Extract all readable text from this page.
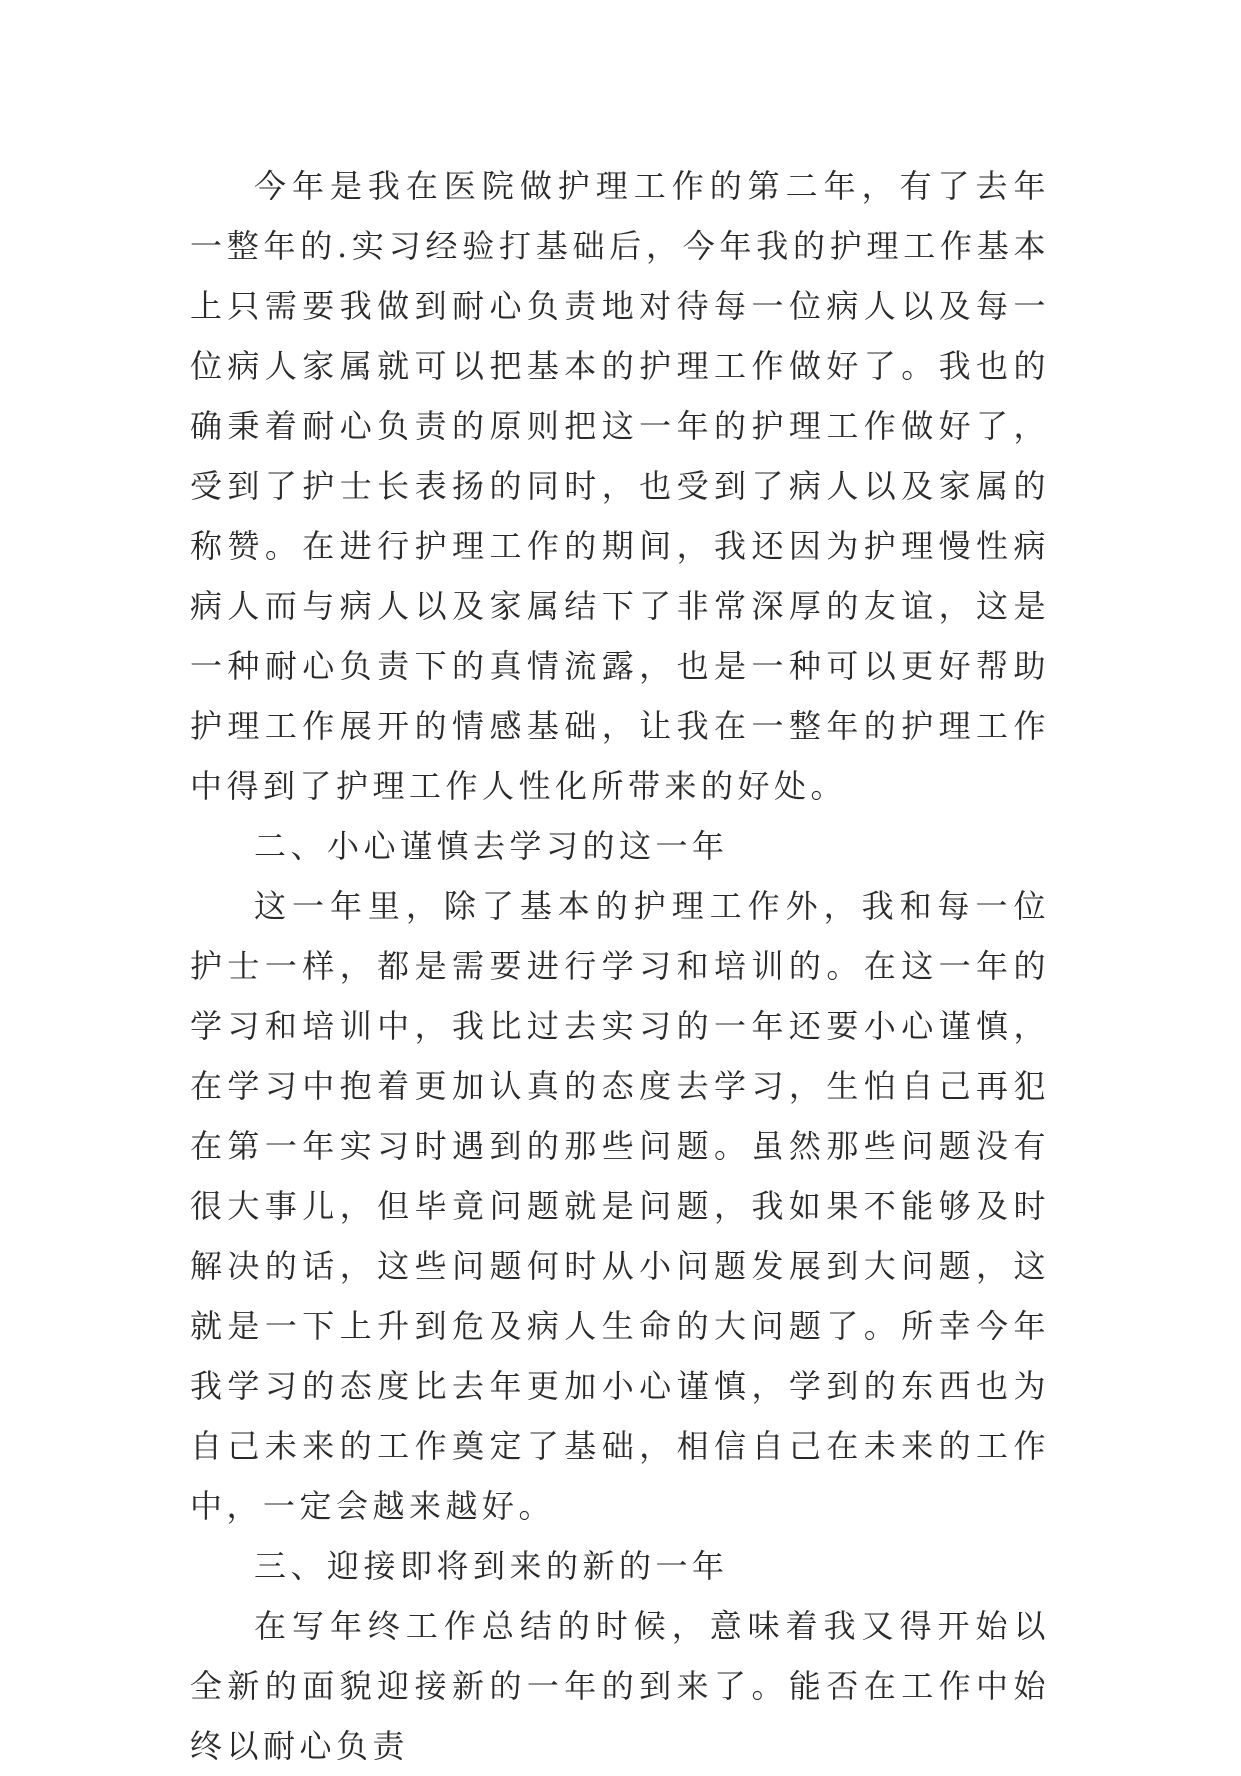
今年是我在医院做护理工作的第二年，有了去年一整年的.实习经验打基础后，今年我的护理工作基本上只需要我做到耐心负责地对待每一位病人以及每一位病人家属就可以把基本的护理工作做好了。我也的确秉着耐心负责的原则把这一年的护理工作做好了，受到了护士长表扬的同时，也受到了病人以及家属的称赞。在进行护理工作的期间，我还因为护理慢性病病人而与病人以及家属结下了非常深厚的友谊，这是一种耐心负责下的真情流露，也是一种可以更好帮助护理工作展开的情感基础，让我在一整年的护理工作中得到了护理工作人性化所带来的好处。

二、小心谨慎去学习的这一年

这一年里，除了基本的护理工作外，我和每一位护士一样，都是需要进行学习和培训的。在这一年的学习和培训中，我比过去实习的一年还要小心谨慎，在学习中抱着更加认真的态度去学习，生怕自己再犯在第一年实习时遇到的那些问题。虽然那些问题没有很大事儿，但毕竟问题就是问题，我如果不能够及时解决的话，这些问题何时从小问题发展到大问题，这就是一下上升到危及病人生命的大问题了。所幸今年我学习的态度比去年更加小心谨慎，学到的东西也为自己未来的工作奠定了基础，相信自己在未来的工作中，一定会越来越好。

三、迎接即将到来的新的一年

在写年终工作总结的时候，意味着我又得开始以全新的面貌迎接新的一年的到来了。能否在工作中始终以耐心负责
